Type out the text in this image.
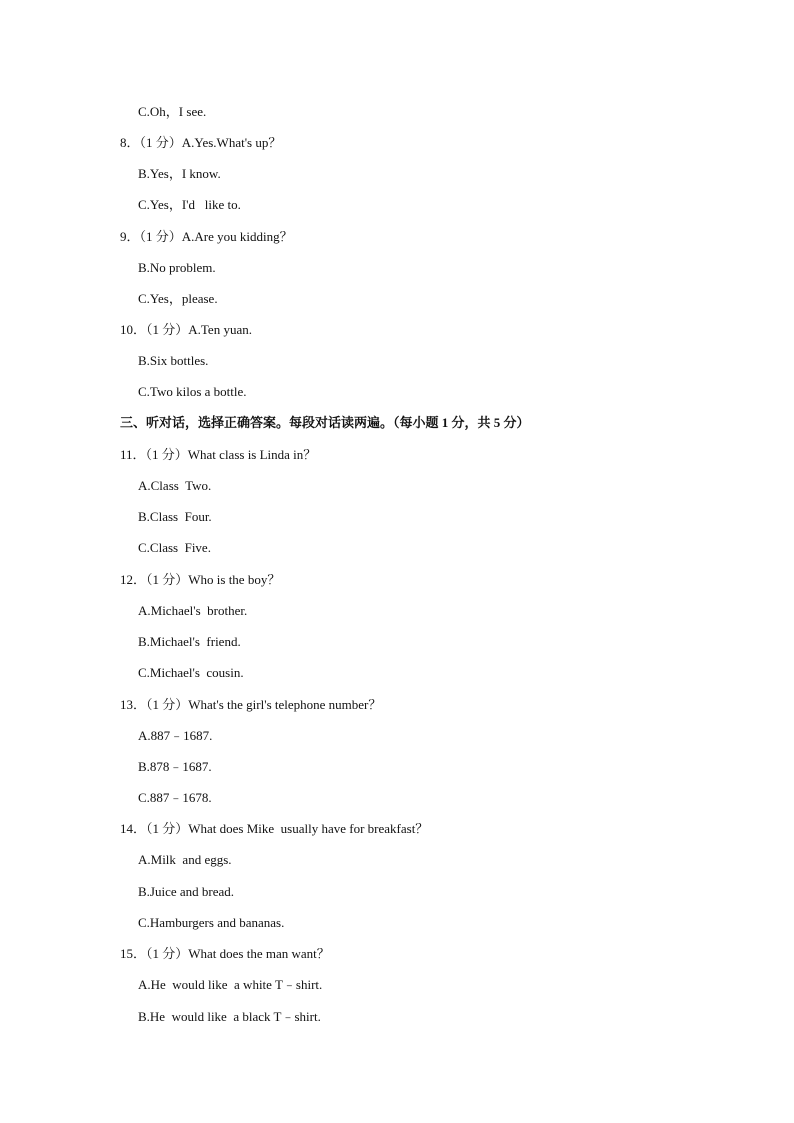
C.Oh，I see.
8．（1 分）A.Yes.What's up？
B.Yes，I know.
C.Yes，I'd   like to.
9．（1 分）A.Are you kidding？
B.No problem.
C.Yes，please.
10．（1 分）A.Ten yuan.
B.Six bottles.
C.Two kilos a bottle.
三、听对话，选择正确答案。每段对话读两遍。（每小题 1 分，共 5 分）
11．（1 分）What class is Linda in？
A.Class  Two.
B.Class  Four.
C.Class  Five.
12．（1 分）Who is the boy？
A.Michael's  brother.
B.Michael's  friend.
C.Michael's  cousin.
13．（1 分）What's the girl's telephone number？
A.887﹣1687.
B.878﹣1687.
C.887﹣1678.
14．（1 分）What does Mike  usually have for breakfast？
A.Milk  and eggs.
B.Juice and bread.
C.Hamburgers and bananas.
15．（1 分）What does the man want？
A.He  would like  a white T﹣shirt.
B.He  would like  a black T﹣shirt.
